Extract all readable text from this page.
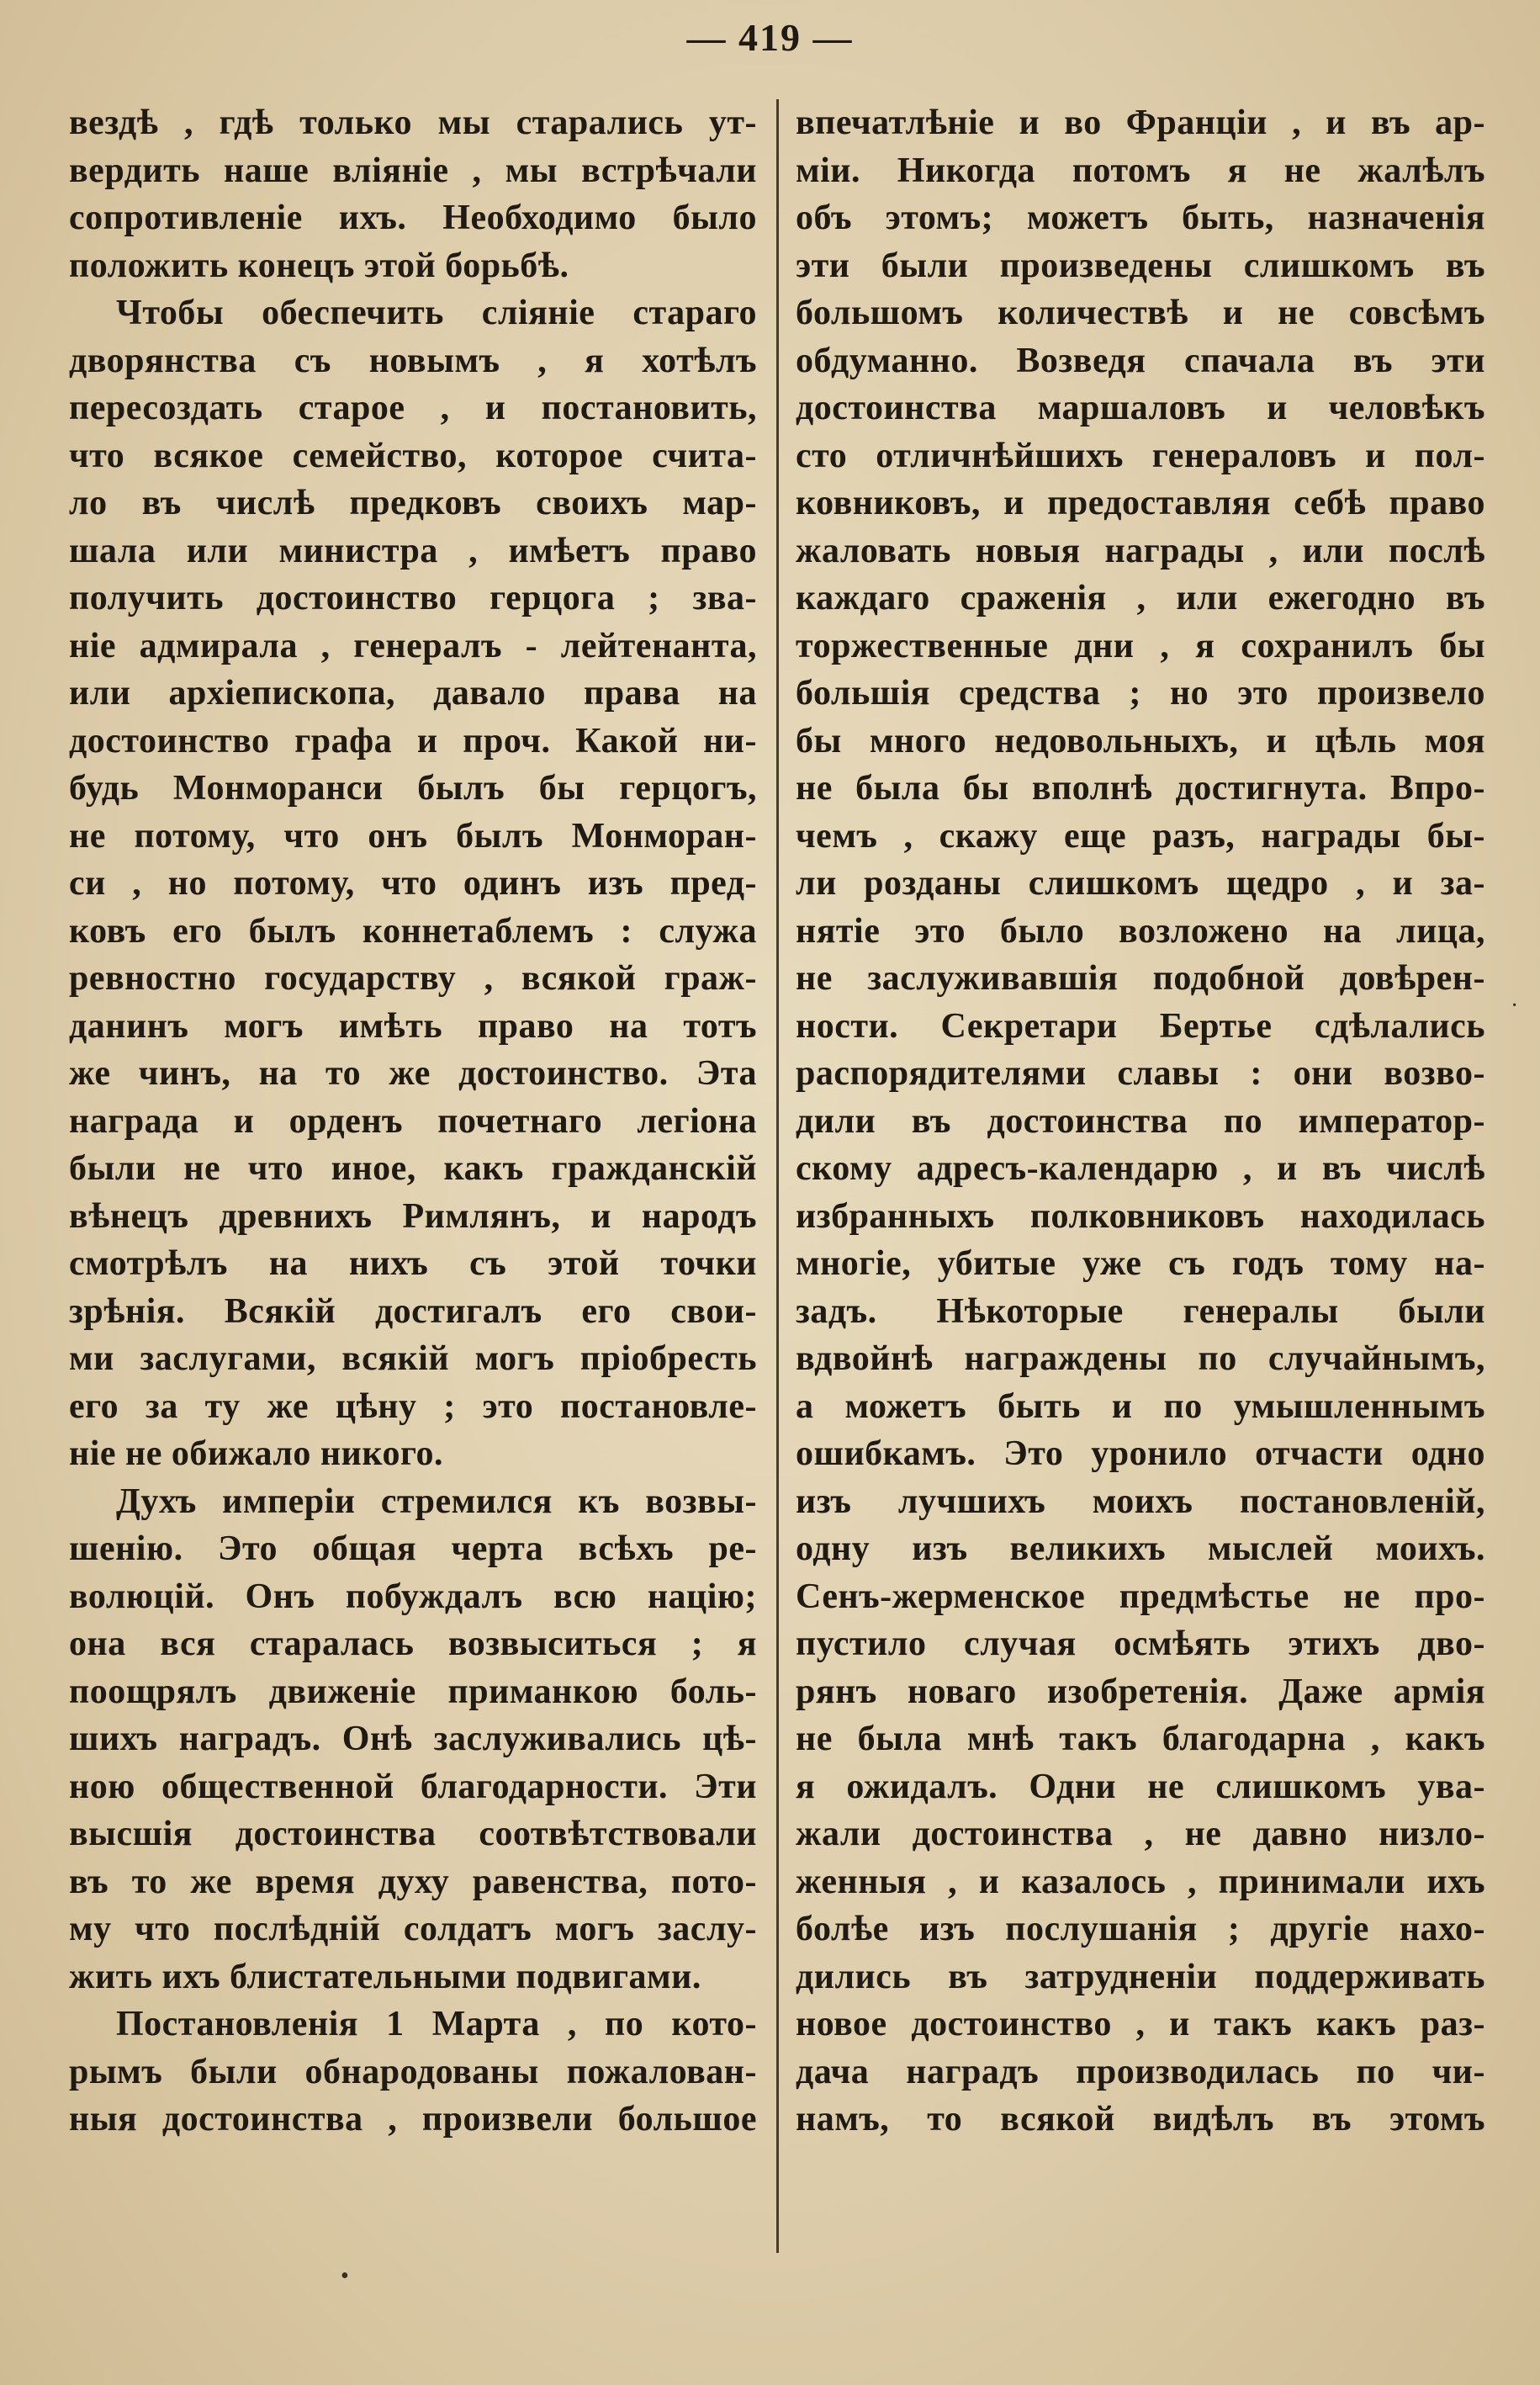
— 419 —
вездѣ , гдѣ только мы старались ут-
вердить наше вліяніе , мы встрѣчали
сопротивленіе ихъ. Необходимо было
положить конецъ этой борьбѣ.
Чтобы обеспечить сліяніе стараго
дворянства съ новымъ , я хотѣлъ
пересоздать старое , и постановить,
что всякое семейство, которое счита-
ло въ числѣ предковъ своихъ мар-
шала или министра , имѣетъ право
получить достоинство герцога ; зва-
ніе адмирала , генералъ - лейтенанта,
или архіепископа, давало права на
достоинство графа и проч. Какой ни-
будь Монморанси былъ бы герцогъ,
не потому, что онъ былъ Монморан-
си , но потому, что одинъ изъ пред-
ковъ его былъ коннетаблемъ : служа
ревностно государству , всякой граж-
данинъ могъ имѣть право на тотъ
же чинъ, на то же достоинство. Эта
награда и орденъ почетнаго легіона
были не что иное, какъ гражданскій
вѣнецъ древнихъ Римлянъ, и народъ
смотрѣлъ на нихъ съ этой точки
зрѣнія. Всякій достигалъ его свои-
ми заслугами, всякій могъ пріобресть
его за ту же цѣну ; это постановле-
ніе не обижало никого.
Духъ имперіи стремился къ возвы-
шенію. Это общая черта всѣхъ ре-
волюцій. Онъ побуждалъ всю націю;
она вся старалась возвыситься ; я
поощрялъ движеніе приманкою боль-
шихъ наградъ. Онѣ заслуживались цѣ-
ною общественной благодарности. Эти
высшія достоинства соотвѣтствовали
въ то же время духу равенства, пото-
му что послѣдній солдатъ могъ заслу-
жить ихъ блистательными подвигами.
Постановленія 1 Марта , по кото-
рымъ были обнародованы пожалован-
ныя достоинства , произвели большое
впечатлѣніе и во Франціи , и въ ар-
міи. Никогда потомъ я не жалѣлъ
объ этомъ; можетъ быть, назначенія
эти были произведены слишкомъ въ
большомъ количествѣ и не совсѣмъ
обдуманно. Возведя спачала въ эти
достоинства маршаловъ и человѣкъ
сто отличнѣйшихъ генераловъ и пол-
ковниковъ, и предоставляя себѣ право
жаловать новыя награды , или послѣ
каждаго сраженія , или ежегодно въ
торжественные дни , я сохранилъ бы
большія средства ; но это произвело
бы много недовольныхъ, и цѣль моя
не была бы вполнѣ достигнута. Впро-
чемъ , скажу еще разъ, награды бы-
ли розданы слишкомъ щедро , и за-
нятіе это было возложено на лица,
не заслуживавшія подобной довѣрен-
ности. Секретари Бертье сдѣлались
распорядителями славы : они возво-
дили въ достоинства по император-
скому адресъ-календарю , и въ числѣ
избранныхъ полковниковъ находилась
многіе, убитые уже съ годъ тому на-
задъ. Нѣкоторые генералы были
вдвойнѣ награждены по случайнымъ,
а можетъ быть и по умышленнымъ
ошибкамъ. Это уронило отчасти одно
изъ лучшихъ моихъ постановленій,
одну изъ великихъ мыслей моихъ.
Сенъ-жерменское предмѣстье не про-
пустило случая осмѣять этихъ дво-
рянъ новаго изобретенія. Даже армія
не была мнѣ такъ благодарна , какъ
я ожидалъ. Одни не слишкомъ ува-
жали достоинства , не давно низло-
женныя , и казалось , принимали ихъ
болѣе изъ послушанія ; другіе нахо-
дились въ затрудненіи поддерживать
новое достоинство , и такъ какъ раз-
дача наградъ производилась по чи-
намъ, то всякой видѣлъ въ этомъ
•
·
